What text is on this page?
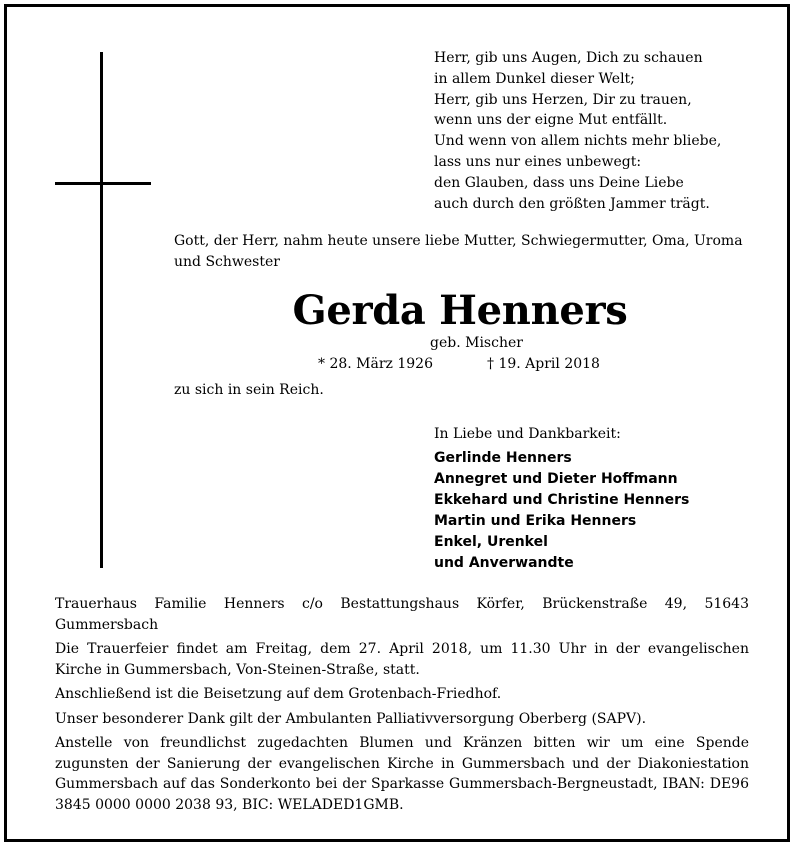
Herr, gib uns Augen, Dich zu schauen
in allem Dunkel dieser Welt;
Herr, gib uns Herzen, Dir zu trauen,
wenn uns der eigne Mut entfällt.
Und wenn von allem nichts mehr bliebe,
lass uns nur eines unbewegt:
den Glauben, dass uns Deine Liebe
auch durch den größten Jammer trägt.
Gott, der Herr, nahm heute unsere liebe Mutter, Schwiegermutter, Oma, Uroma und Schwester
Gerda Henners
geb. Mischer
* 28. März 1926	† 19. April 2018
zu sich in sein Reich.
In Liebe und Dankbarkeit:
Gerlinde Henners
Annegret und Dieter Hoffmann
Ekkehard und Christine Henners
Martin und Erika Henners
Enkel, Urenkel
und Anverwandte

Trauerhaus Familie Henners c/o Bestattungshaus Körfer, Brückenstraße 49, 51643 Gummersbach

Die Trauerfeier findet am Freitag, dem 27. April 2018, um 11.30 Uhr in der evangelischen Kirche in Gummersbach, Von-Steinen-Straße, statt.

Anschließend ist die Beisetzung auf dem Grotenbach-Friedhof.

Unser besonderer Dank gilt der Ambulanten Palliativversorgung Oberberg (SAPV).

Anstelle von freundlichst zugedachten Blumen und Kränzen bitten wir um eine Spende zugunsten der Sanierung der evangelischen Kirche in Gummersbach und der Diakoniestation Gummersbach auf das Sonderkonto bei der Sparkasse Gummersbach-Bergneustadt, IBAN: DE96 3845 0000 0000 2038 93, BIC: WELADED1GMB.
